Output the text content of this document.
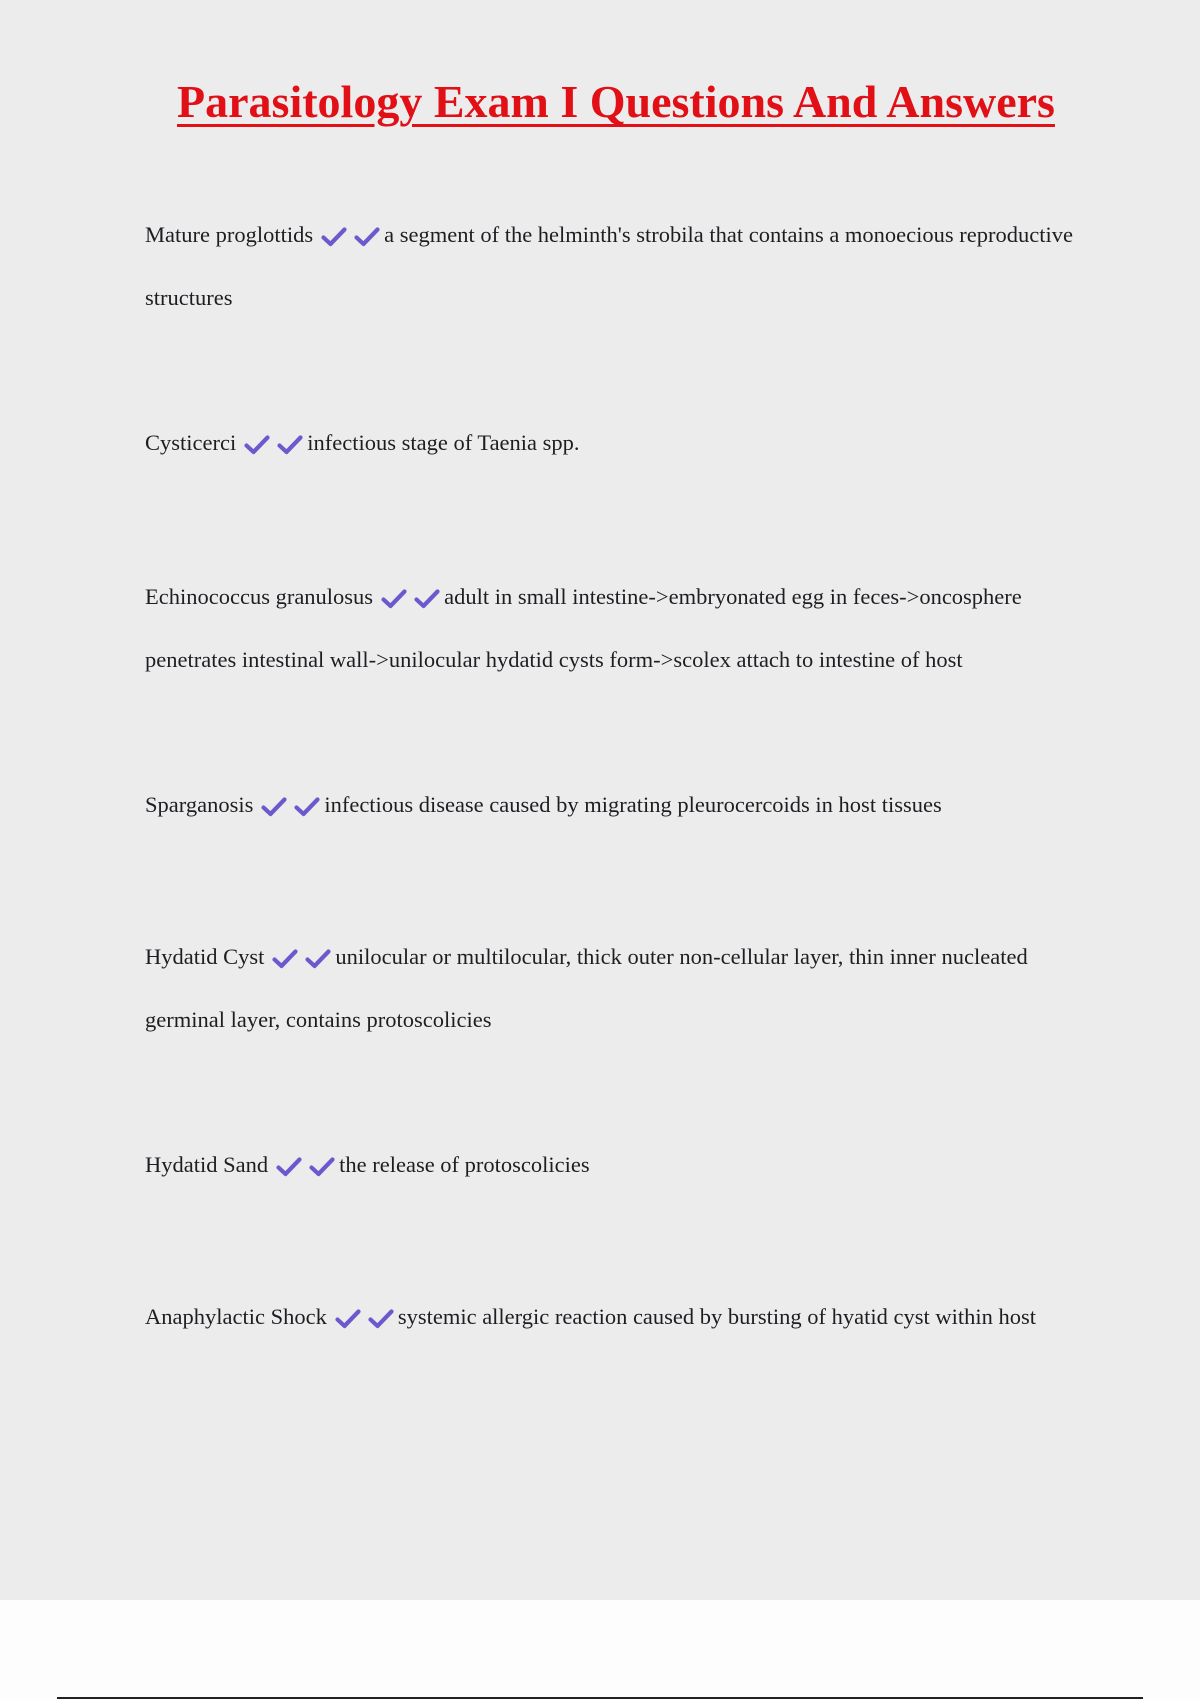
Parasitology Exam I Questions And Answers

Mature proglottids	a segment of the helminth's strobila that contains a monoecious reproductive structures

Cysticerci	infectious stage of Taenia spp.

Echinococcus granulosus	adult in small intestine->embryonated egg in feces->oncosphere penetrates intestinal wall->unilocular hydatid cysts form->scolex attach to intestine of host

Sparganosis	infectious disease caused by migrating pleurocercoids in host tissues

Hydatid Cyst	unilocular or multilocular, thick outer non-cellular layer, thin inner nucleated germinal layer, contains protoscolicies

Hydatid Sand	the release of protoscolicies

Anaphylactic Shock	systemic allergic reaction caused by bursting of hyatid cyst within host
